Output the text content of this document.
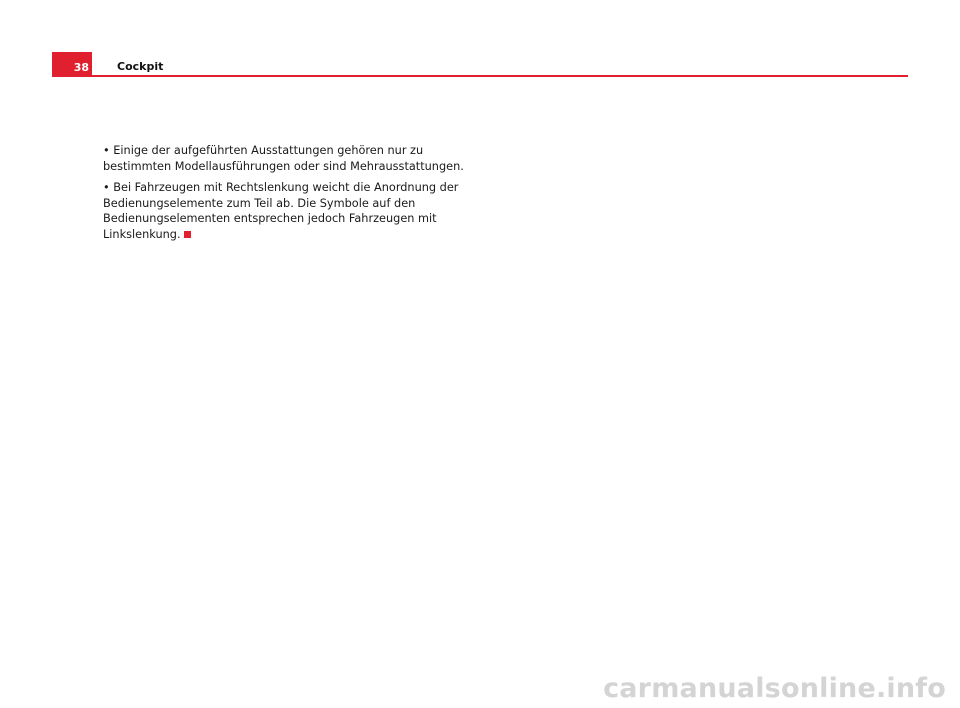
38	Cockpit

• Einige der aufgeführten Ausstattungen gehören nur zu bestimmten Modellausführungen oder sind Mehrausstattungen.

• Bei Fahrzeugen mit Rechtslenkung weicht die Anordnung der Bedienungselemente zum Teil ab. Die Symbole auf den Bedienungselementen entsprechen jedoch Fahrzeugen mit Linkslenkung.

carmanualsonline.info
